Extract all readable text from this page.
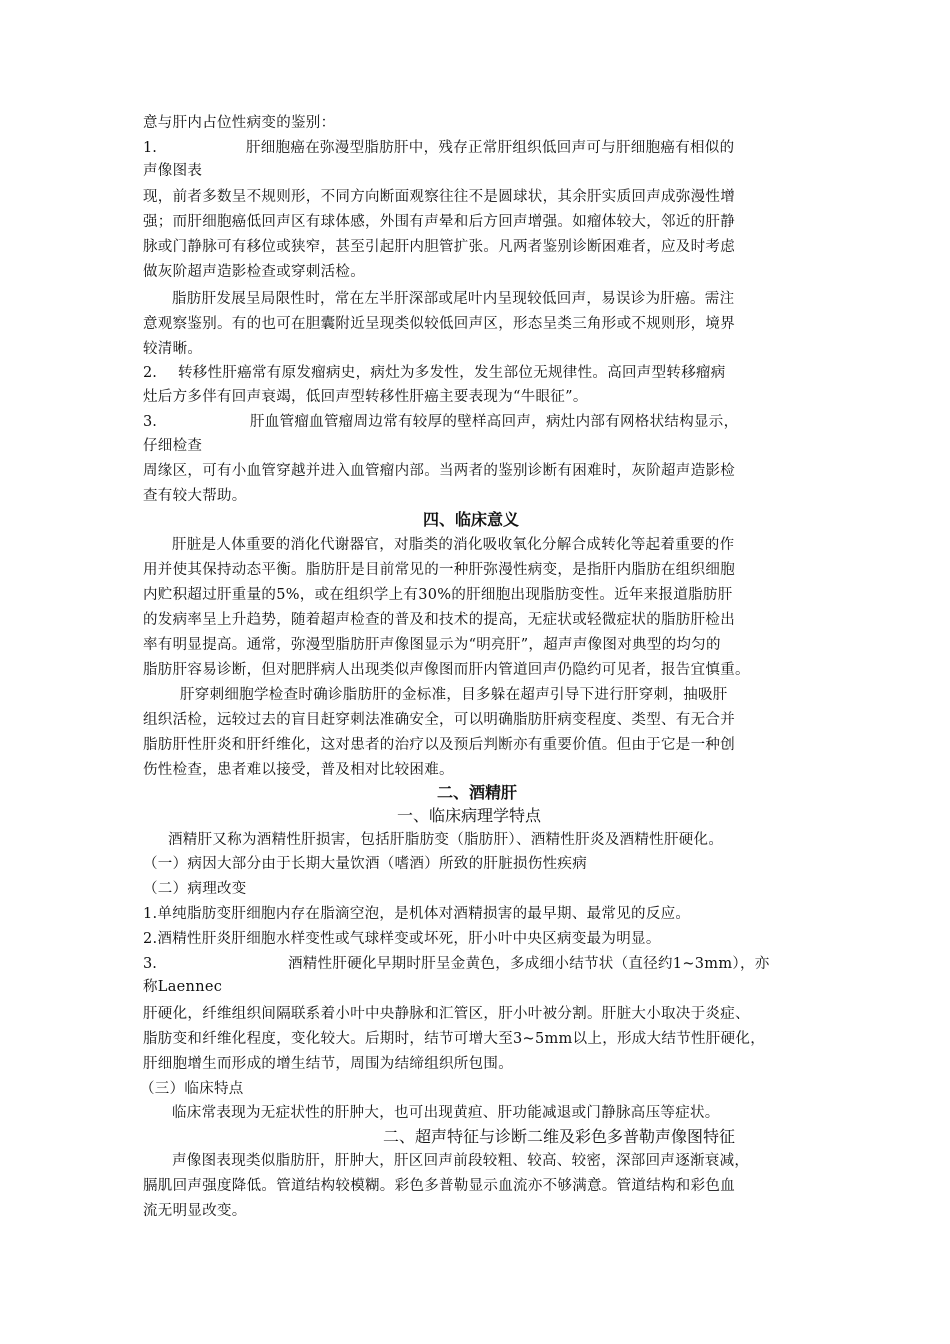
意与肝内占位性病变的鉴别：
1.	肝细胞癌在弥漫型脂肪肝中，残存正常肝组织低回声可与肝细胞癌有相似的
声像图表
现，前者多数呈不规则形，不同方向断面观察往往不是圆球状，其余肝实质回声成弥漫性增
强；而肝细胞癌低回声区有球体感，外围有声晕和后方回声增强。如瘤体较大，邻近的肝静
脉或门静脉可有移位或狭窄，甚至引起肝内胆管扩张。凡两者鉴别诊断困难者，应及时考虑
做灰阶超声造影检查或穿刺活检。
脂肪肝发展呈局限性时，常在左半肝深部或尾叶内呈现较低回声，易误诊为肝癌。需注
意观察鉴别。有的也可在胆囊附近呈现类似较低回声区，形态呈类三角形或不规则形，境界
较清晰。
2. 转移性肝癌常有原发瘤病史，病灶为多发性，发生部位无规律性。高回声型转移瘤病
灶后方多伴有回声衰竭，低回声型转移性肝癌主要表现为“牛眼征”。
3.	肝血管瘤血管瘤周边常有较厚的壁样高回声，病灶内部有网格状结构显示，
仔细检查
周缘区，可有小血管穿越并进入血管瘤内部。当两者的鉴别诊断有困难时，灰阶超声造影检
查有较大帮助。
四、临床意义
肝脏是人体重要的消化代谢器官，对脂类的消化吸收氧化分解合成转化等起着重要的作
用并使其保持动态平衡。脂肪肝是目前常见的一种肝弥漫性病变，是指肝内脂肪在组织细胞
内贮积超过肝重量的5%，或在组织学上有30%的肝细胞出现脂肪变性。近年来报道脂肪肝
的发病率呈上升趋势，随着超声检查的普及和技术的提高，无症状或轻微症状的脂肪肝检出
率有明显提高。通常，弥漫型脂肪肝声像图显示为“明亮肝”，超声声像图对典型的均匀的
脂肪肝容易诊断，但对肥胖病人出现类似声像图而肝内管道回声仍隐约可见者，报告宜慎重。
肝穿刺细胞学检查时确诊脂肪肝的金标准，目多躲在超声引导下进行肝穿刺，抽吸肝
组织活检，远较过去的盲目赶穿刺法准确安全，可以明确脂肪肝病变程度、类型、有无合并
脂肪肝性肝炎和肝纤维化，这对患者的治疗以及预后判断亦有重要价值。但由于它是一种创
伤性检查，患者难以接受，普及相对比较困难。
二、酒精肝
一、临床病理学特点
酒精肝又称为酒精性肝损害，包括肝脂肪变（脂肪肝）、酒精性肝炎及酒精性肝硬化。
（一）病因大部分由于长期大量饮酒（嗜酒）所致的肝脏损伤性疾病
（二）病理改变
1.单纯脂肪变肝细胞内存在脂滴空泡，是机体对酒精损害的最早期、最常见的反应。
2.酒精性肝炎肝细胞水样变性或气球样变或坏死，肝小叶中央区病变最为明显。
3.	酒精性肝硬化早期时肝呈金黄色，多成细小结节状（直径约1~3mm），亦
称Laennec
肝硬化，纤维组织间隔联系着小叶中央静脉和汇管区，肝小叶被分割。肝脏大小取决于炎症、
脂肪变和纤维化程度，变化较大。后期时，结节可增大至3~5mm以上，形成大结节性肝硬化，
肝细胞增生而形成的增生结节，周围为结缔组织所包围。
（三）临床特点
临床常表现为无症状性的肝肿大，也可出现黄疸、肝功能减退或门静脉高压等症状。
二、超声特征与诊断二维及彩色多普勒声像图特征
声像图表现类似脂肪肝，肝肿大，肝区回声前段较粗、较高、较密，深部回声逐渐衰减，
膈肌回声强度降低。管道结构较模糊。彩色多普勒显示血流亦不够满意。管道结构和彩色血
流无明显改变。
